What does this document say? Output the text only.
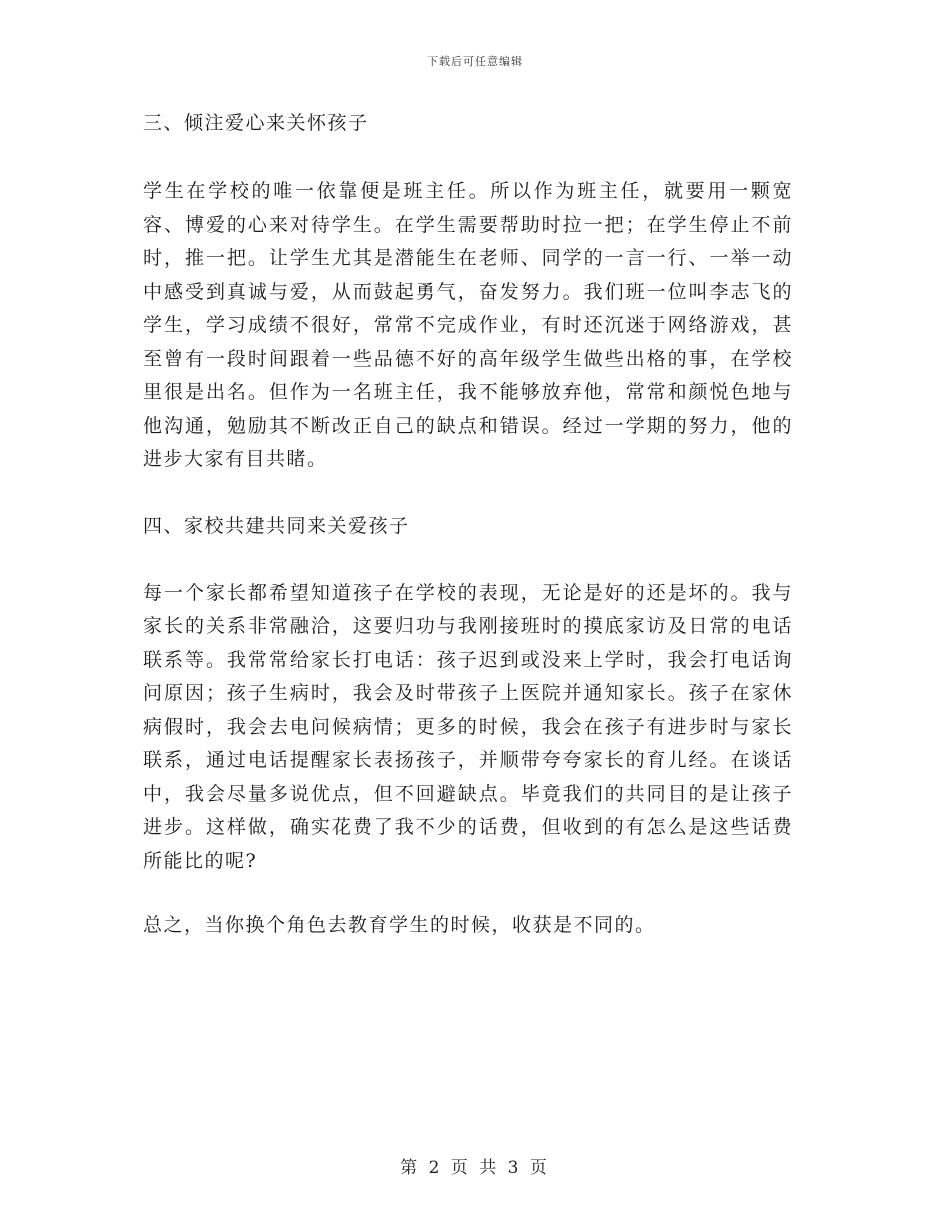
下载后可任意编辑

三、倾注爱心来关怀孩子

学生在学校的唯一依靠便是班主任。所以作为班主任，就要用一颗宽容、博爱的心来对待学生。在学生需要帮助时拉一把；在学生停止不前时，推一把。让学生尤其是潜能生在老师、同学的一言一行、一举一动中感受到真诚与爱，从而鼓起勇气，奋发努力。我们班一位叫李志飞的学生，学习成绩不很好，常常不完成作业，有时还沉迷于网络游戏，甚至曾有一段时间跟着一些品德不好的高年级学生做些出格的事，在学校里很是出名。但作为一名班主任，我不能够放弃他，常常和颜悦色地与他沟通，勉励其不断改正自己的缺点和错误。经过一学期的努力，他的进步大家有目共睹。

四、家校共建共同来关爱孩子

每一个家长都希望知道孩子在学校的表现，无论是好的还是坏的。我与家长的关系非常融洽，这要归功与我刚接班时的摸底家访及日常的电话联系等。我常常给家长打电话：孩子迟到或没来上学时，我会打电话询问原因；孩子生病时，我会及时带孩子上医院并通知家长。孩子在家休病假时，我会去电问候病情；更多的时候，我会在孩子有进步时与家长联系，通过电话提醒家长表扬孩子，并顺带夸夸家长的育儿经。在谈话中，我会尽量多说优点，但不回避缺点。毕竟我们的共同目的是让孩子进步。这样做，确实花费了我不少的话费，但收到的有怎么是这些话费所能比的呢?

总之，当你换个角色去教育学生的时候，收获是不同的。

第 2 页 共 3 页
